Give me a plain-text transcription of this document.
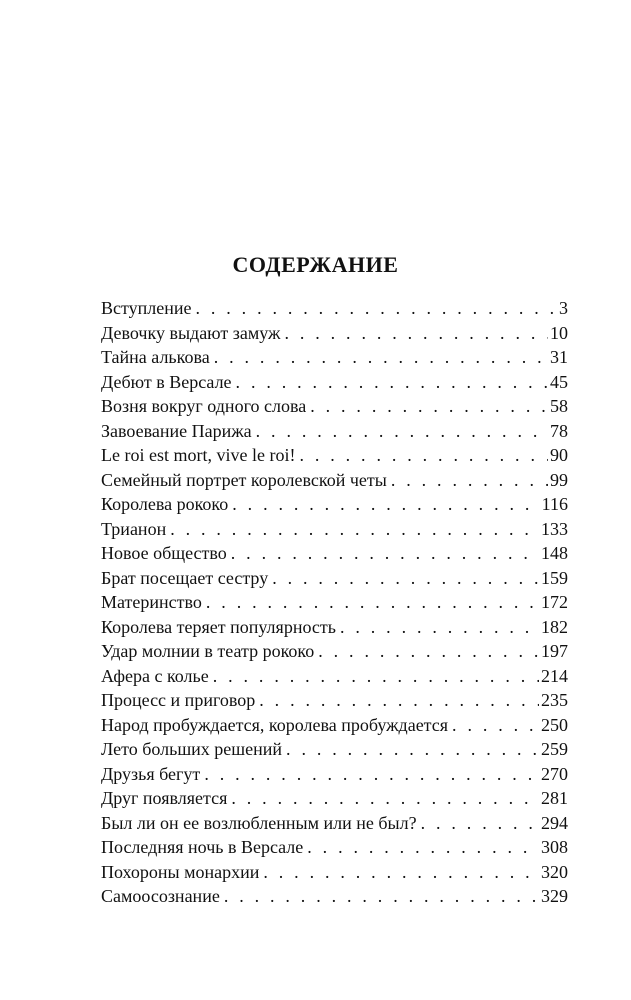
СОДЕРЖАНИЕ
Вступление . . .	3
Девочку выдают замуж . . .	10
Тайна алькова . . .	31
Дебют в Версале . . .	45
Возня вокруг одного слова . . .	58
Завоевание Парижа . . .	78
Le roi est mort, vive le roi! . . .	90
Семейный портрет королевской четы . . .	99
Королева рококо . . .	116
Трианон . . .	133
Новое общество . . .	148
Брат посещает сестру . . .	159
Материнство . . .	172
Королева теряет популярность . . .	182
Удар молнии в театр рококо . . .	197
Афера с колье . . .	214
Процесс и приговор . . .	235
Народ пробуждается, королева пробуждается . . .	250
Лето больших решений . . .	259
Друзья бегут . . .	270
Друг появляется . . .	281
Был ли он ее возлюбленным или не был? . . .	294
Последняя ночь в Версале . . .	308
Похороны монархии . . .	320
Самоосознание . . .	329
